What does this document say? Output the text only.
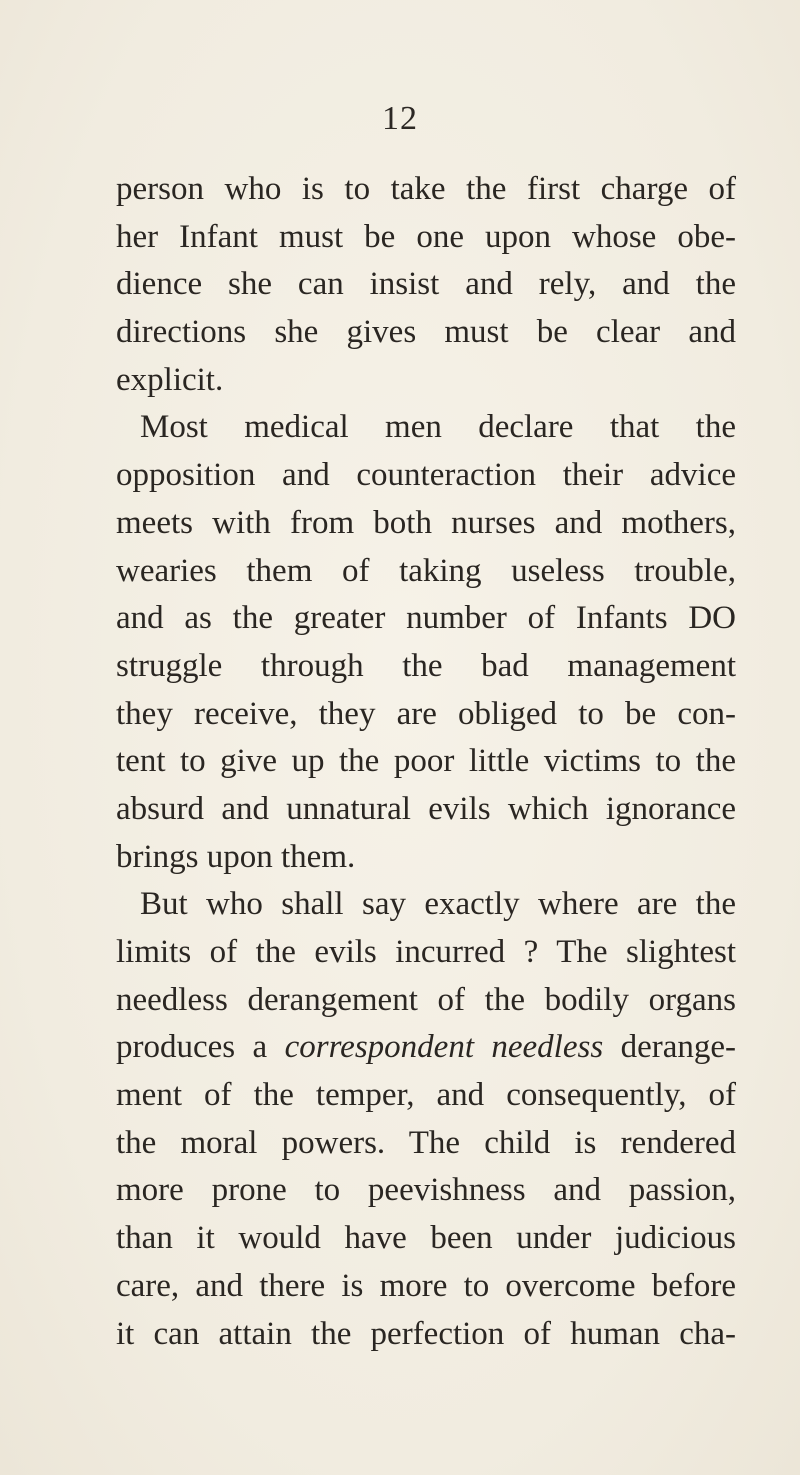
12
person who is to take the first charge of
her Infant must be one upon whose obe-
dience she can insist and rely, and the
directions she gives must be clear and
explicit.
Most medical men declare that the
opposition and counteraction their advice
meets with from both nurses and mothers,
wearies them of taking useless trouble,
and as the greater number of Infants DO
struggle through the bad management
they receive, they are obliged to be con-
tent to give up the poor little victims to the
absurd and unnatural evils which ignorance
brings upon them.
But who shall say exactly where are the
limits of the evils incurred ? The slightest
needless derangement of the bodily organs
produces a correspondent needless derange-
ment of the temper, and consequently, of
the moral powers. The child is rendered
more prone to peevishness and passion,
than it would have been under judicious
care, and there is more to overcome before
it can attain the perfection of human cha-
